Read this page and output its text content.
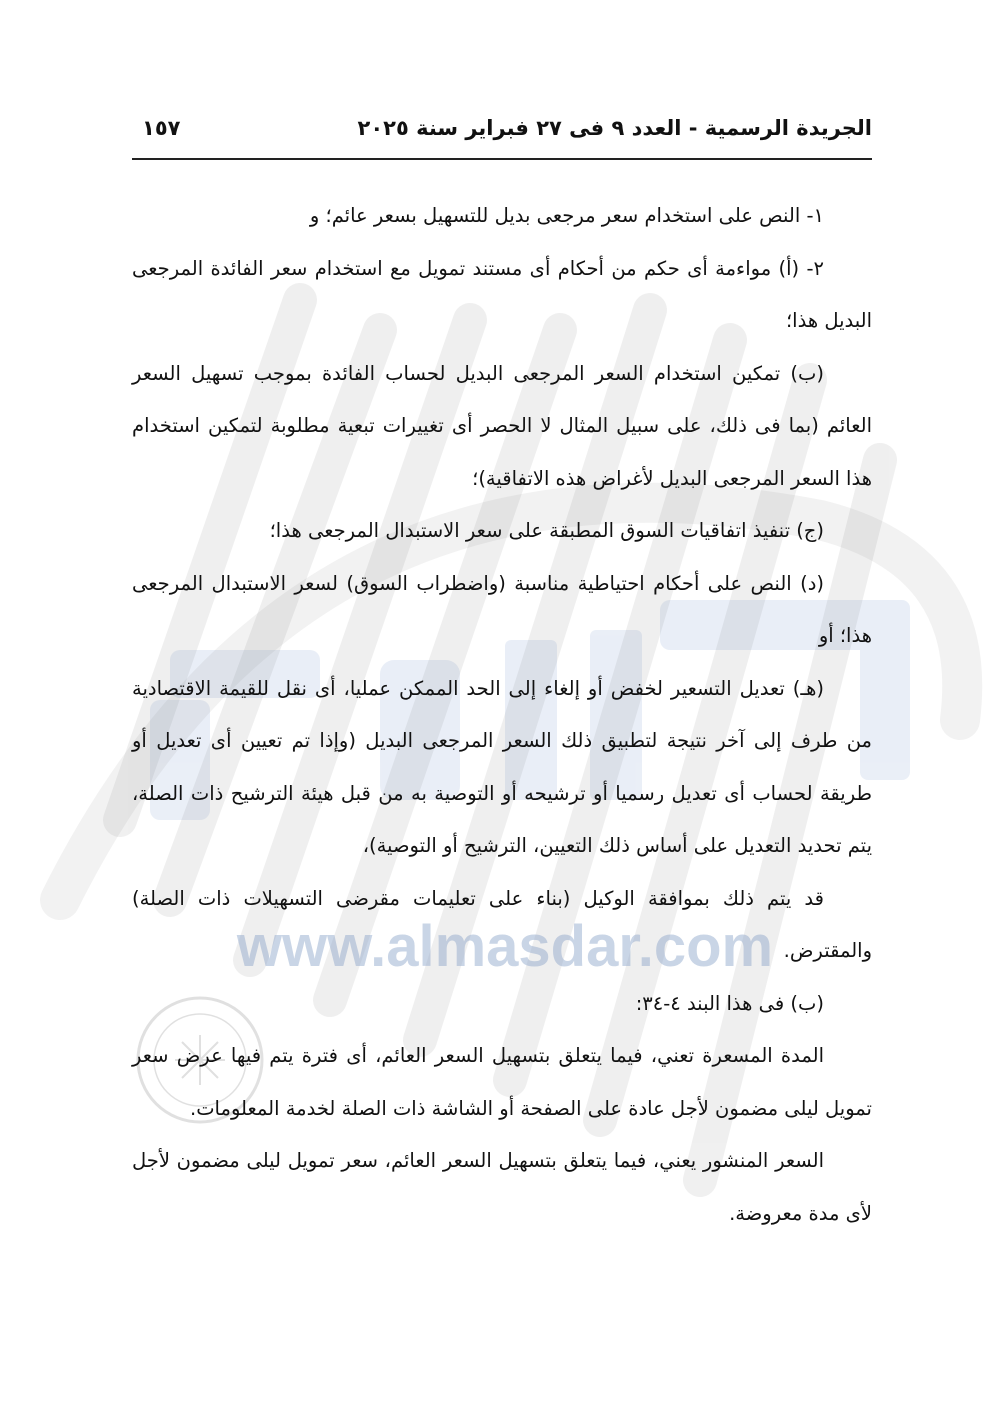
www.almasdar.com
الجريدة الرسمية - العدد ٩ فى ٢٧ فبراير سنة ٢٠٢٥
١٥٧

١- النص على استخدام سعر مرجعى بديل للتسهيل بسعر عائم؛ و

٢- (أ) مواءمة أى حكم من أحكام أى مستند تمويل مع استخدام سعر الفائدة المرجعى البديل هذا؛

(ب) تمكين استخدام السعر المرجعى البديل لحساب الفائدة بموجب تسهيل السعر العائم (بما فى ذلك، على سبيل المثال لا الحصر أى تغييرات تبعية مطلوبة لتمكين استخدام هذا السعر المرجعى البديل لأغراض هذه الاتفاقية)؛

(ج) تنفيذ اتفاقيات السوق المطبقة على سعر الاستبدال المرجعى هذا؛

(د) النص على أحكام احتياطية مناسبة (واضطراب السوق) لسعر الاستبدال المرجعى هذا؛ أو

(هـ) تعديل التسعير لخفض أو إلغاء إلى الحد الممكن عمليا، أى نقل للقيمة الاقتصادية من طرف إلى آخر نتيجة لتطبيق ذلك السعر المرجعى البديل (وإذا تم تعيين أى تعديل أو طريقة لحساب أى تعديل رسميا أو ترشيحه أو التوصية به من قبل هيئة الترشيح ذات الصلة، يتم تحديد التعديل على أساس ذلك التعيين، الترشيح أو التوصية)،

قد يتم ذلك بموافقة الوكيل (بناء على تعليمات مقرضى التسهيلات ذات الصلة) والمقترض.

(ب) فى هذا البند ٤-٣٤:

المدة المسعرة تعني، فيما يتعلق بتسهيل السعر العائم، أى فترة يتم فيها عرض سعر تمويل ليلى مضمون لأجل عادة على الصفحة أو الشاشة ذات الصلة لخدمة المعلومات.

السعر المنشور يعني، فيما يتعلق بتسهيل السعر العائم، سعر تمويل ليلى مضمون لأجل لأى مدة معروضة.
